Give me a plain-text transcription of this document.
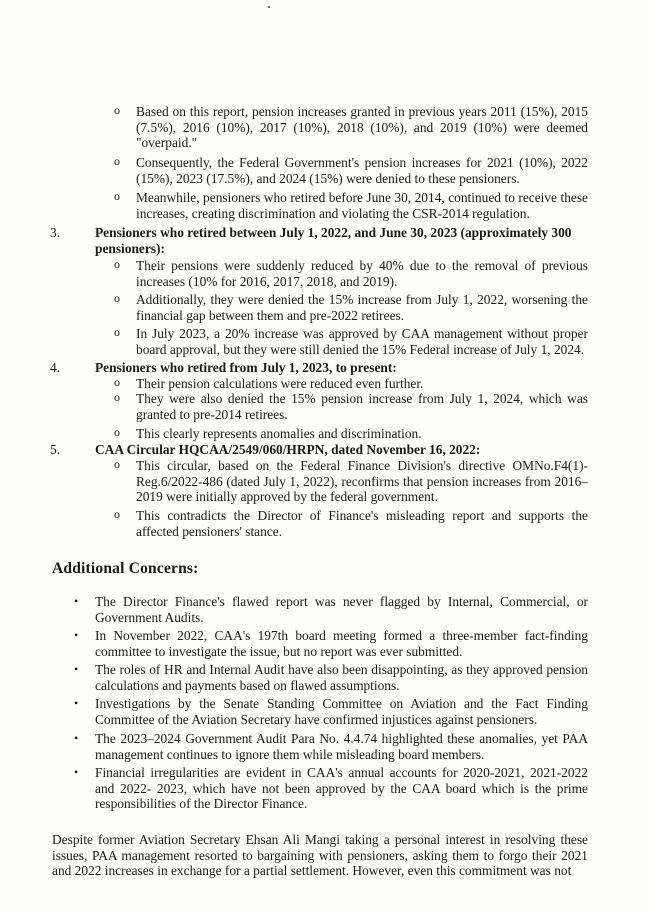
o Based on this report, pension increases granted in previous years 2011 (15%), 2015 (7.5%), 2016 (10%), 2017 (10%), 2018 (10%), and 2019 (10%) were deemed "overpaid."
o Consequently, the Federal Government's pension increases for 2021 (10%), 2022 (15%), 2023 (17.5%), and 2024 (15%) were denied to these pensioners.
o Meanwhile, pensioners who retired before June 30, 2014, continued to receive these increases, creating discrimination and violating the CSR-2014 regulation.
3.	Pensioners who retired between July 1, 2022, and June 30, 2023 (approximately 300 pensioners):
o Their pensions were suddenly reduced by 40% due to the removal of previous increases (10% for 2016, 2017, 2018, and 2019).
o Additionally, they were denied the 15% increase from July 1, 2022, worsening the financial gap between them and pre-2022 retirees.
o In July 2023, a 20% increase was approved by CAA management without proper board approval, but they were still denied the 15% Federal increase of July 1, 2024.
4.	Pensioners who retired from July 1, 2023, to present:
o Their pension calculations were reduced even further.
o They were also denied the 15% pension increase from July 1, 2024, which was granted to pre-2014 retirees.
o This clearly represents anomalies and discrimination.
5.	CAA Circular HQCAA/2549/060/HRPN, dated November 16, 2022:
o This circular, based on the Federal Finance Division's directive OMNo.F4(1)-Reg.6/2022-486 (dated July 1, 2022), reconfirms that pension increases from 2016–2019 were initially approved by the federal government.
o This contradicts the Director of Finance's misleading report and supports the affected pensioners' stance.
Additional Concerns:
• The Director Finance's flawed report was never flagged by Internal, Commercial, or Government Audits.
• In November 2022, CAA's 197th board meeting formed a three-member fact-finding committee to investigate the issue, but no report was ever submitted.
• The roles of HR and Internal Audit have also been disappointing, as they approved pension calculations and payments based on flawed assumptions.
• Investigations by the Senate Standing Committee on Aviation and the Fact Finding Committee of the Aviation Secretary have confirmed injustices against pensioners.
• The 2023–2024 Government Audit Para No. 4.4.74 highlighted these anomalies, yet PAA management continues to ignore them while misleading board members.
• Financial irregularities are evident in CAA's annual accounts for 2020-2021, 2021-2022 and 2022- 2023, which have not been approved by the CAA board which is the prime responsibilities of the Director Finance.
Despite former Aviation Secretary Ehsan Ali Mangi taking a personal interest in resolving these issues, PAA management resorted to bargaining with pensioners, asking them to forgo their 2021 and 2022 increases in exchange for a partial settlement. However, even this commitment was not
